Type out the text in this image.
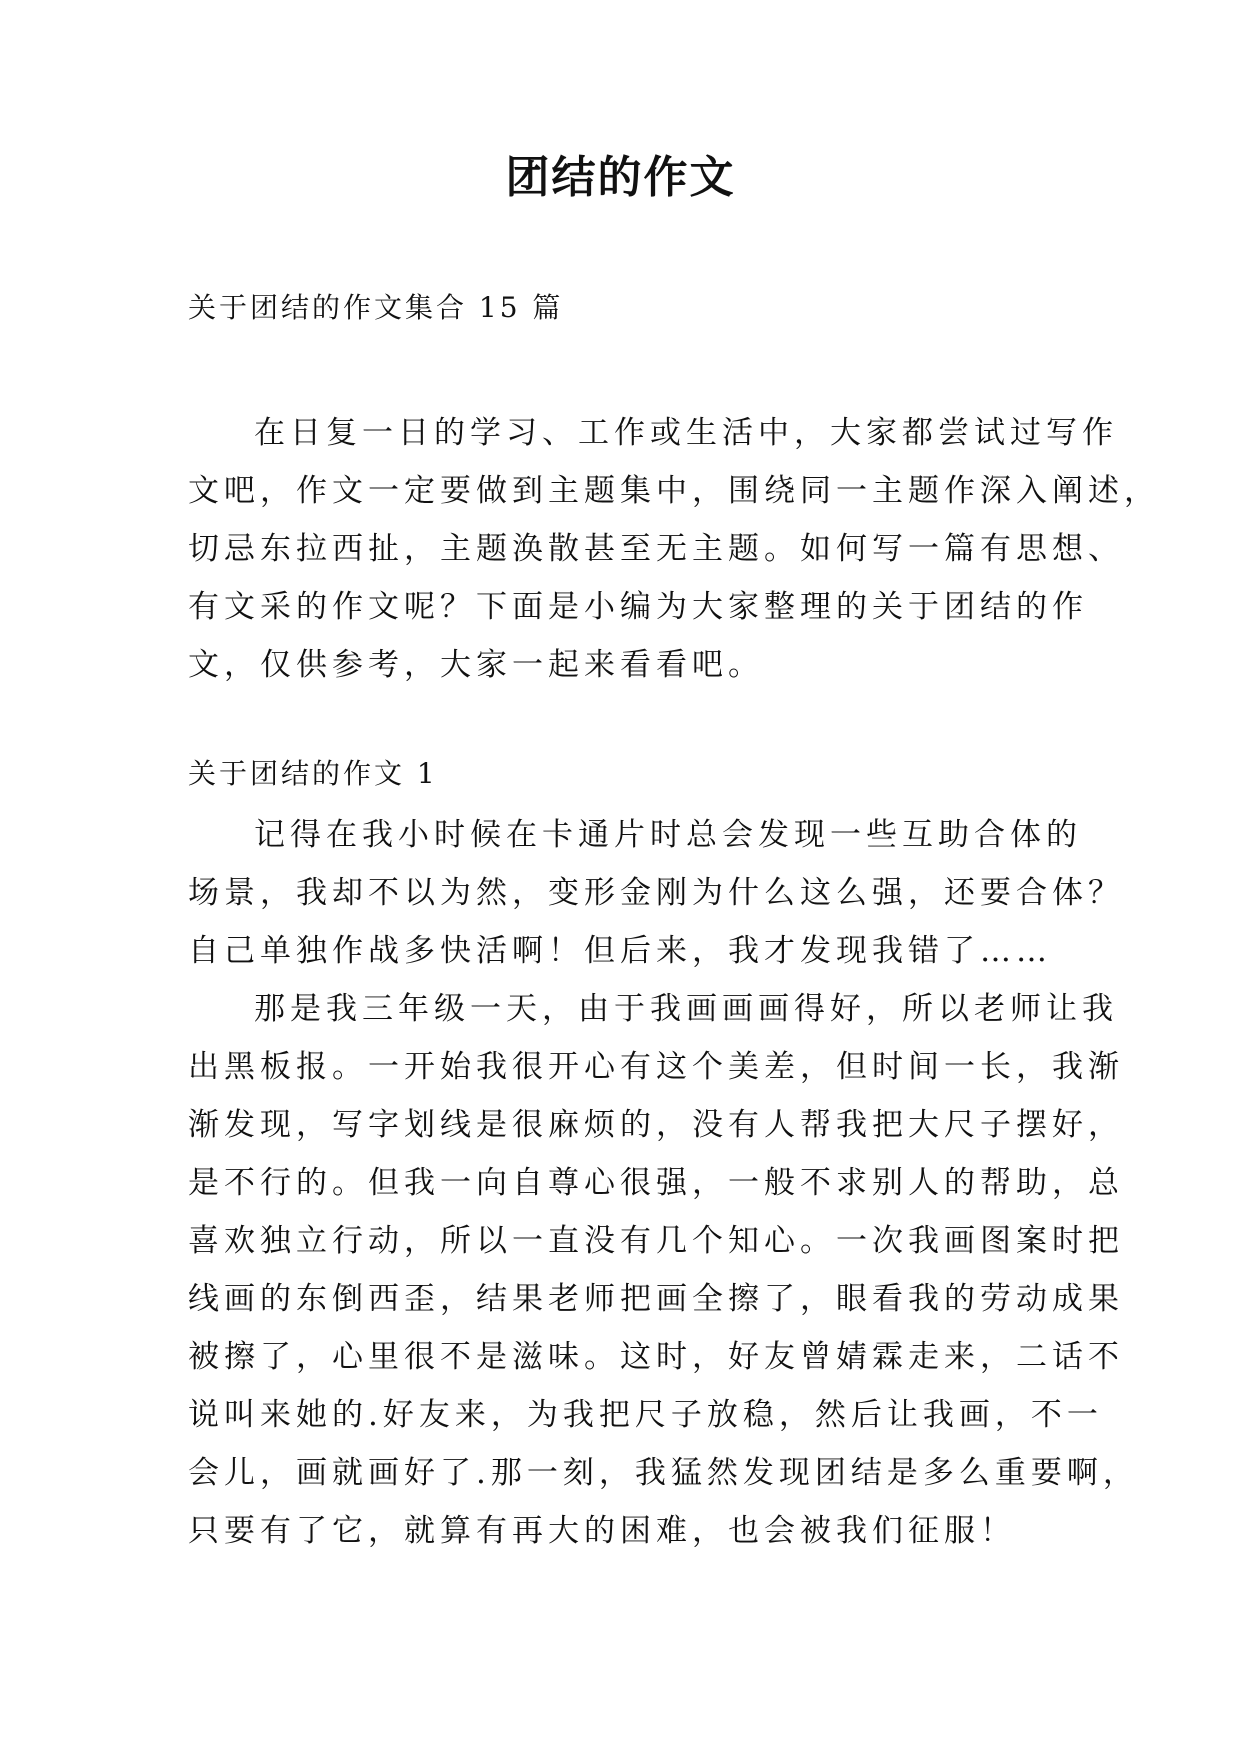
团结的作文
关于团结的作文集合 15 篇
在日复一日的学习、工作或生活中，大家都尝试过写作
文吧，作文一定要做到主题集中，围绕同一主题作深入阐述，
切忌东拉西扯，主题涣散甚至无主题。如何写一篇有思想、
有文采的作文呢？下面是小编为大家整理的关于团结的作
文，仅供参考，大家一起来看看吧。
关于团结的作文 1
记得在我小时候在卡通片时总会发现一些互助合体的
场景，我却不以为然，变形金刚为什么这么强，还要合体？
自己单独作战多快活啊！但后来，我才发现我错了……
那是我三年级一天，由于我画画画得好，所以老师让我
出黑板报。一开始我很开心有这个美差，但时间一长，我渐
渐发现，写字划线是很麻烦的，没有人帮我把大尺子摆好，
是不行的。但我一向自尊心很强，一般不求别人的帮助，总
喜欢独立行动，所以一直没有几个知心。一次我画图案时把
线画的东倒西歪，结果老师把画全擦了，眼看我的劳动成果
被擦了，心里很不是滋味。这时，好友曾婧霖走来，二话不
说叫来她的.好友来，为我把尺子放稳，然后让我画，不一
会儿，画就画好了.那一刻，我猛然发现团结是多么重要啊，
只要有了它，就算有再大的困难，也会被我们征服！
